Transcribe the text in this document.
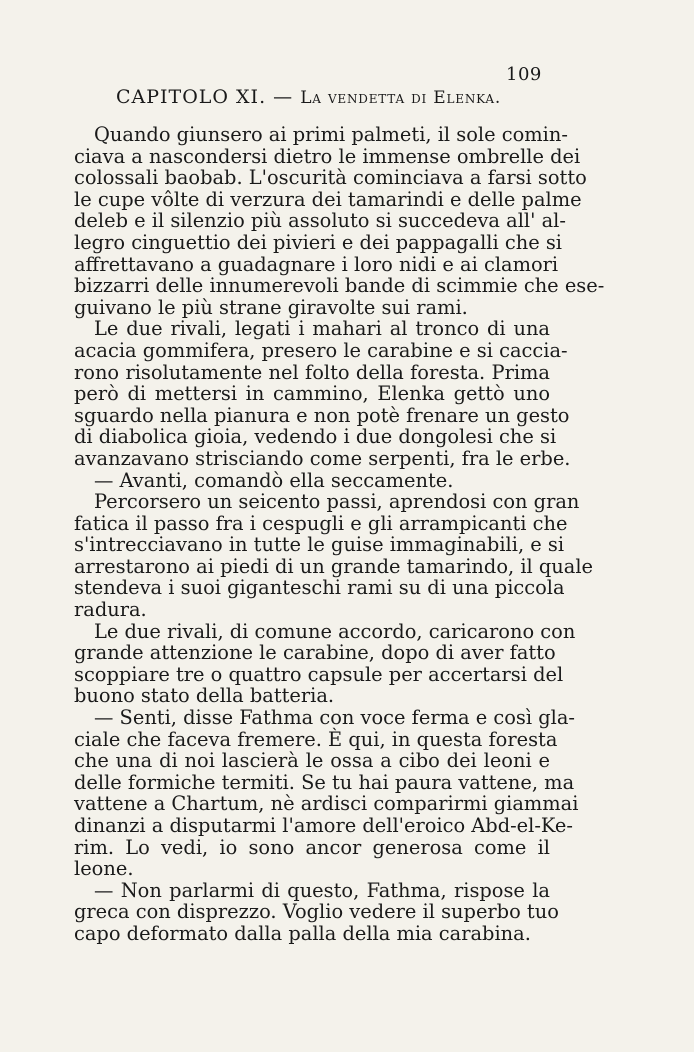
109
CAPITOLO XI. — La vendetta di Elenka.
Quando giunsero ai primi palmeti, il sole comin-
ciava a nascondersi dietro le immense ombrelle dei
colossali baobab. L'oscurità cominciava a farsi sotto
le cupe vôlte di verzura dei tamarindi e delle palme
deleb e il silenzio più assoluto si succedeva all' al-
legro cinguettio dei pivieri e dei pappagalli che si
affrettavano a guadagnare i loro nidi e ai clamori
bizzarri delle innumerevoli bande di scimmie che ese-
guivano le più strane giravolte sui rami.
Le due rivali, legati i mahari al tronco di una
acacia gommifera, presero le carabine e si caccia-
rono risolutamente nel folto della foresta. Prima
però di mettersi in cammino, Elenka gettò uno
sguardo nella pianura e non potè frenare un gesto
di diabolica gioia, vedendo i due dongolesi che si
avanzavano strisciando come serpenti, fra le erbe.
— Avanti, comandò ella seccamente.
Percorsero un seicento passi, aprendosi con gran
fatica il passo fra i cespugli e gli arrampicanti che
s'intrecciavano in tutte le guise immaginabili, e si
arrestarono ai piedi di un grande tamarindo, il quale
stendeva i suoi giganteschi rami su di una piccola
radura.
Le due rivali, di comune accordo, caricarono con
grande attenzione le carabine, dopo di aver fatto
scoppiare tre o quattro capsule per accertarsi del
buono stato della batteria.
— Senti, disse Fathma con voce ferma e così gla-
ciale che faceva fremere. È qui, in questa foresta
che una di noi lascierà le ossa a cibo dei leoni e
delle formiche termiti. Se tu hai paura vattene, ma
vattene a Chartum, nè ardisci comparirmi giammai
dinanzi a disputarmi l'amore dell'eroico Abd-el-Ke-
rim. Lo vedi, io sono ancor generosa come il
leone.
— Non parlarmi di questo, Fathma, rispose la
greca con disprezzo. Voglio vedere il superbo tuo
capo deformato dalla palla della mia carabina.
